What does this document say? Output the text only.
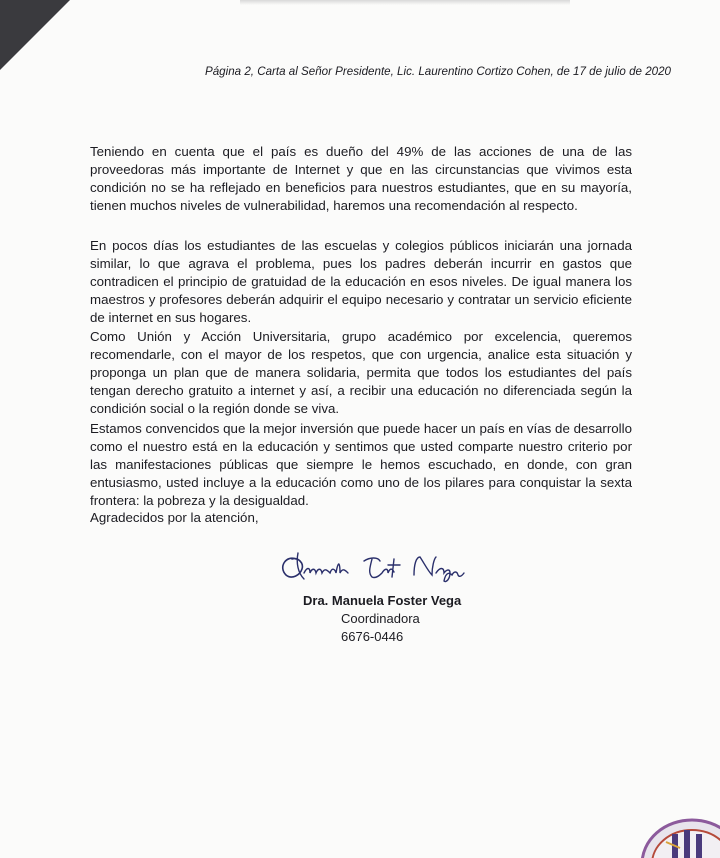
Página 2, Carta al Señor Presidente, Lic. Laurentino Cortizo Cohen, de 17 de julio de 2020

Teniendo en cuenta que el país es dueño del 49% de las acciones de una de las proveedoras más importante de Internet y que en las circunstancias que vivimos esta condición no se ha reflejado en beneficios para nuestros estudiantes, que en su mayoría, tienen muchos niveles de vulnerabilidad, haremos una recomendación al respecto.

En pocos días los estudiantes de las escuelas y colegios públicos iniciarán una jornada similar, lo que agrava el problema, pues los padres deberán incurrir en gastos que contradicen el principio de gratuidad de la educación en esos niveles. De igual manera los maestros y profesores deberán adquirir el equipo necesario y contratar un servicio eficiente de internet en sus hogares.

Como Unión y Acción Universitaria, grupo académico por excelencia, queremos recomendarle, con el mayor de los respetos, que con urgencia, analice esta situación y proponga un plan que de manera solidaria, permita que todos los estudiantes del país tengan derecho gratuito a internet y así, a recibir una educación no diferenciada según la condición social o la región donde se viva.

Estamos convencidos que la mejor inversión que puede hacer un país en vías de desarrollo como el nuestro está en la educación y sentimos que usted comparte nuestro criterio por las manifestaciones públicas que siempre le hemos escuchado, en donde, con gran entusiasmo, usted incluye a la educación como uno de los pilares para conquistar la sexta frontera: la pobreza y la desigualdad.

Agradecidos por la atención,
Dra. Manuela Foster Vega
Coordinadora
6676-0446
